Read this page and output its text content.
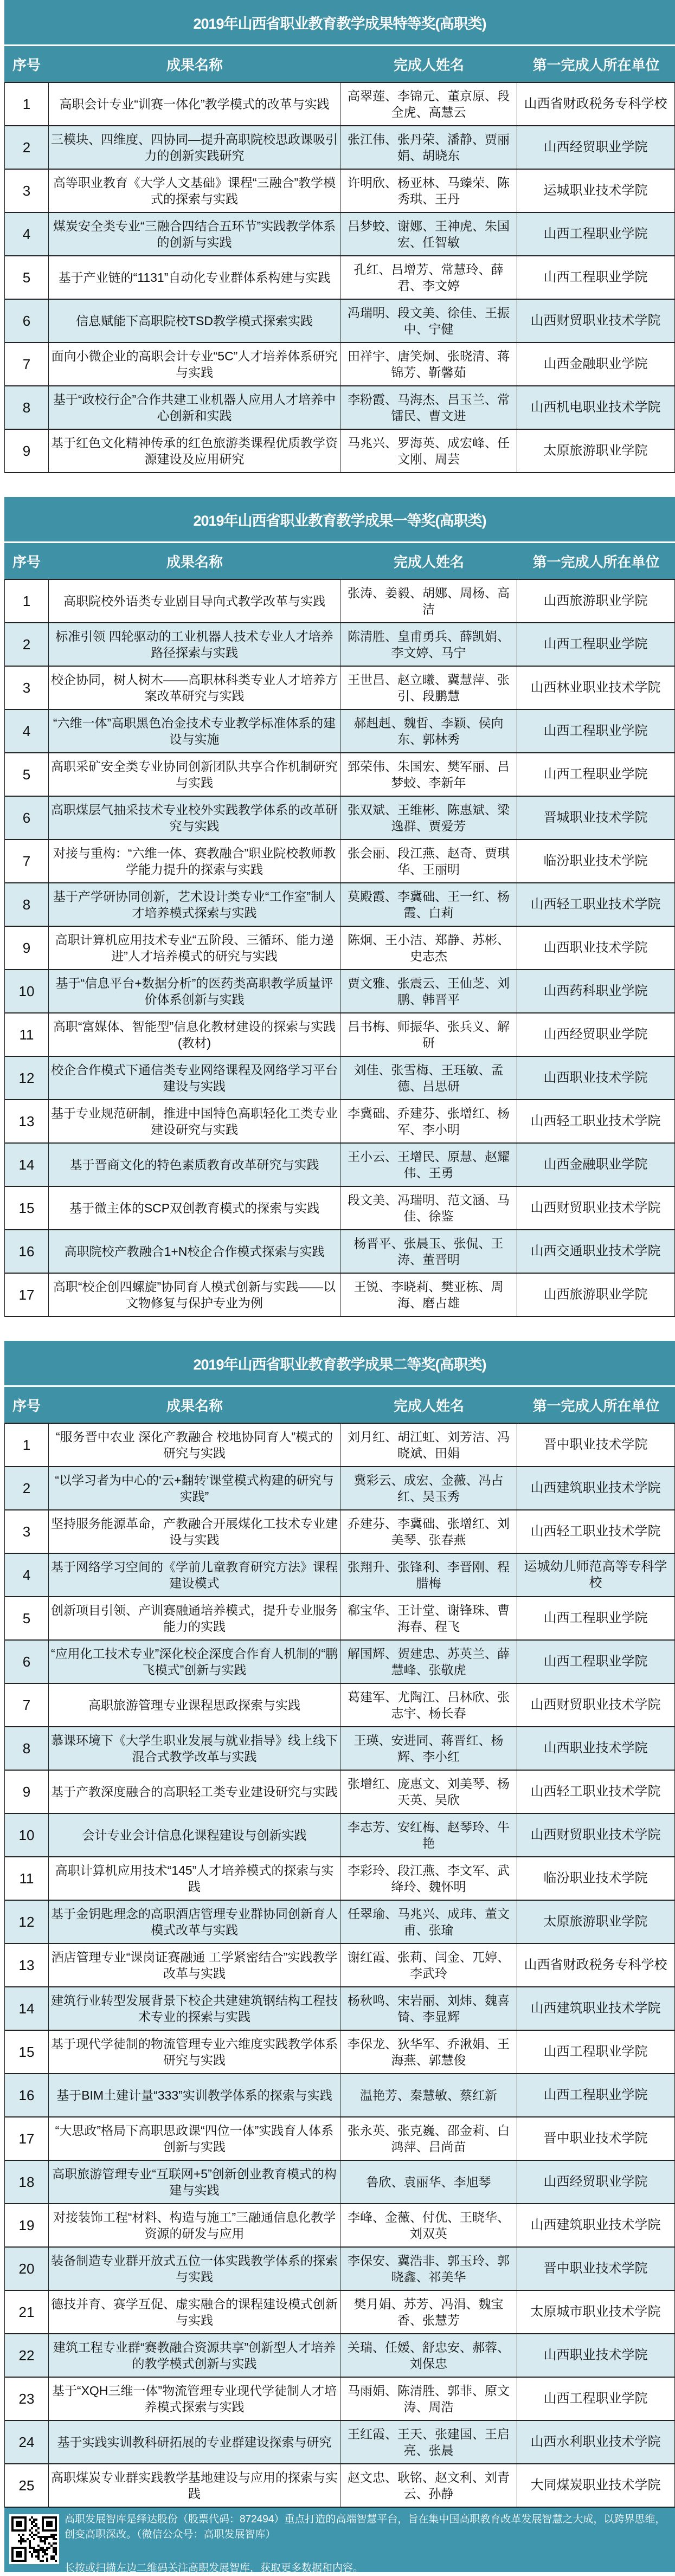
2019年山西省职业教育教学成果特等奖(高职类)
序号	成果名称	完成人姓名	第一完成人所在单位
1	高职会计专业“训赛一体化”教学模式的改革与实践
高翠莲、李锦元、董京原、段全虎、高慧云
山西省财政税务专科学校
2	三模块、四维度、四协同—提升高职院校思政课吸引力的创新实践研究
张江伟、张丹荣、潘静、贾丽娟、胡晓东
山西经贸职业学院
3	高等职业教育《大学人文基础》课程“三融合”教学模式的探索与实践
许明欣、杨亚林、马臻荣、陈秀琪、王丹
运城职业技术学院
4	煤炭安全类专业“三融合四结合五环节”实践教学体系的创新与实践
吕梦蛟、谢娜、王神虎、朱国宏、任智敏
山西工程职业学院
5	基于产业链的“1131”自动化专业群体系构建与实践
孔红、吕增芳、常慧玲、薛君、李文婷
山西工程职业学院
6	信息赋能下高职院校TSD教学模式探索实践
冯瑞明、段文美、徐佳、王振中、宁健
山西财贸职业技术学院
7	面向小微企业的高职会计专业“5C”人才培养体系研究与实践
田祥宇、唐笑炯、张晓清、蒋锦芳、靳馨茹
山西金融职业学院
8	基于“政校行企”合作共建工业机器人应用人才培养中心创新和实践
李粉霞、马海杰、吕玉兰、常镭民、曹文进
山西机电职业技术学院
9	基于红色文化精神传承的红色旅游类课程优质教学资源建设及应用研究
马兆兴、罗海英、成宏峰、任文刚、周芸
太原旅游职业学院
2019年山西省职业教育教学成果一等奖(高职类)
序号	成果名称	完成人姓名	第一完成人所在单位
1	高职院校外语类专业剧目导向式教学改革与实践
张涛、姜毅、胡娜、周杨、高洁
山西旅游职业学院
2	标准引领 四轮驱动的工业机器人技术专业人才培养路径探索与实践
陈清胜、皇甫勇兵、薛凯娟、李文婷、马宁
山西工程职业学院
3	校企协同，树人树木——高职林科类专业人才培养方案改革研究与实践
王世昌、赵立曦、冀慧萍、张引、段鹏慧
山西林业职业技术学院
4	“六维一体”高职黑色冶金技术专业教学标准体系的建设与实施
郝赳赳、魏哲、李颖、侯向东、郭林秀
山西工程职业学院
5	高职采矿安全类专业协同创新团队共享合作机制研究与实践
郅荣伟、朱国宏、樊军丽、吕梦蛟、李新年
山西工程职业学院
6	高职煤层气抽采技术专业校外实践教学体系的改革研究与实践
张双斌、王维彬、陈惠斌、梁逸群、贾爱芳
晋城职业技术学院
7	对接与重构：“六维一体、赛教融合”职业院校教师教学能力提升的探索与实践
张会丽、段江燕、赵奇、贾琪华、王丽明
临汾职业技术学院
8	基于产学研协同创新，艺术设计类专业“工作室”制人才培养模式探索与实践
莫殿霞、李冀础、王一红、杨霞、白莉
山西轻工职业技术学院
9	高职计算机应用技术专业“五阶段、三循环、能力递进”人才培养模式的研究与实践
陈炯、王小洁、郑静、苏彬、史志杰
山西职业技术学院
10	基于“信息平台+数据分析”的医药类高职教学质量评价体系创新与实践
贾文雅、张震云、王仙芝、刘鹏、韩晋平
山西药科职业学院
11	高职“富媒体、智能型”信息化教材建设的探索与实践(教材)
吕书梅、师振华、张兵义、解研
山西经贸职业学院
12	校企合作模式下通信类专业网络课程及网络学习平台建设与实践
刘佳、张雪梅、王珏敏、孟德、吕思研
山西职业技术学院
13	基于专业规范研制，推进中国特色高职轻化工类专业建设研究与实践
李冀础、乔建芬、张增红、杨军、李小明
山西轻工职业技术学院
14	基于晋商文化的特色素质教育改革研究与实践
王小云、王增民、原慧、赵耀伟、王勇
山西金融职业学院
15	基于微主体的SCP双创教育模式的探索与实践
段文美、冯瑞明、范文涵、马佳、徐鉴
山西财贸职业技术学院
16	高职院校产教融合1+N校企合作模式探索与实践
杨晋平、张晨玉、张侃、王涛、董晋明
山西交通职业技术学院
17	高职“校企创四螺旋”协同育人模式创新与实践——以文物修复与保护专业为例
王锐、李晓莉、樊亚栋、周海、磨占雄
山西旅游职业学院
2019年山西省职业教育教学成果二等奖(高职类)
序号	成果名称	完成人姓名	第一完成人所在单位
1	“服务晋中农业 深化产教融合 校地协同育人”模式的研究与实践
刘月红、胡江虹、刘芳洁、冯晓斌、田娟
晋中职业技术学院
2	“以学习者为中心的‘云+翻转’课堂模式构建的研究与实践”
冀彩云、成宏、金薇、冯占红、吴玉秀
山西建筑职业技术学院
3	坚持服务能源革命，产教融合开展煤化工技术专业建设与实践
乔建芬、李冀础、张增红、刘美琴、张春燕
山西轻工职业技术学院
4	基于网络学习空间的《学前儿童教育研究方法》课程建设模式
张翔升、张锋利、李晋刚、程腊梅
运城幼儿师范高等专科学校
5	创新项目引领、产训赛融通培养模式，提升专业服务能力的实践
郗宝华、王计堂、谢锋珠、曹海春、程飞
山西工程职业学院
6	“应用化工技术专业”深化校企深度合作育人机制的“鹏飞模式”创新与实践
解国辉、贺建忠、苏英兰、薛慧峰、张敬虎
山西工程职业学院
7	高职旅游管理专业课程思政探索与实践
葛建军、尤陶江、吕林欣、张志宇、杨长春
山西财贸职业技术学院
8	慕课环境下《大学生职业发展与就业指导》线上线下混合式教学改革与实践
王瑛、安进同、蒋晋红、杨辉、李小红
山西职业技术学院
9	基于产教深度融合的高职轻工类专业建设研究与实践
张增红、庞惠文、刘美琴、杨天英、吴欣
山西轻工职业技术学院
10	会计专业会计信息化课程建设与创新实践
李志芳、安红梅、赵琴玲、牛艳
山西财贸职业技术学院
11	高职计算机应用技术“145”人才培养模式的探索与实践
李彩玲、段江燕、李文军、武绛玲、魏怀明
临汾职业技术学院
12	基于金钥匙理念的高职酒店管理专业群协同创新育人模式改革与实践
任翠瑜、马兆兴、成玮、董文甫、张瑜
太原旅游职业学院
13	酒店管理专业“课岗证赛融通 工学紧密结合”实践教学改革与实践
谢红霞、张莉、闫金、兀婷、李武玲
山西省财政税务专科学校
14	建筑行业转型发展背景下校企共建建筑钢结构工程技术专业的探索与实践
杨秋鸣、宋岩丽、刘炜、魏喜锜、李显辉
山西建筑职业技术学院
15	基于现代学徒制的物流管理专业六维度实践教学体系研究与实践
李保龙、狄华军、乔湫娟、王海燕、郭慧俊
山西工程职业学院
16	基于BIM土建计量“333”实训教学体系的探索与实践	温艳芳、秦慧敏、蔡红新	山西工程职业学院
17	“大思政”格局下高职思政课“四位一体”实践育人体系创新与实践
张永英、张克巍、邵金莉、白鸿萍、吕尚苗
晋中职业技术学院
18	高职旅游管理专业“互联网+5”创新创业教育模式的构建与实践
鲁欣、袁丽华、李旭琴	山西经贸职业学院
19	对接装饰工程“材料、构造与施工”三融通信息化教学资源的研发与应用
李峰、金薇、付优、王晓华、刘双英
山西建筑职业技术学院
20	装备制造专业群开放式五位一体实践教学体系的探索与实践
李保安、冀浩非、郭玉玲、郭晓鑫、祁美华
晋中职业技术学院
21	德技并育、赛学互促、虚实融合的课程建设模式创新与实践
樊月娟、苏芳、冯涓、魏宝香、张慧芳
太原城市职业技术学院
22	建筑工程专业群“赛教融合资源共享”创新型人才培养的教学模式创新与实践
关瑞、任媛、舒忠安、郝蓉、刘保忠
山西职业技术学院
23	基于“XQH三维一体”物流管理专业现代学徒制人才培养模式探索与实践
马雨娟、陈清胜、郭菲、原文涛、周浩
山西工程职业学院
24	基于实践实训教科研拓展的专业群建设探索与研究
王红霞、王天、张建国、王启亮、张晨
山西水利职业技术学院
25	高职煤炭专业群实践教学基地建设与应用的探索与实践
赵文忠、耿铭、赵文利、刘青云、孙静
大同煤炭职业技术学院
高职发展智库是绎达股份（股票代码：872494）重点打造的高端智慧平台，旨在集中国高职教育改革发展智慧之大成，以跨界思维，创变高职深改。（微信公众号：高职发展智库）
长按或扫描左边二维码关注高职发展智库，获取更多数据和内容。
